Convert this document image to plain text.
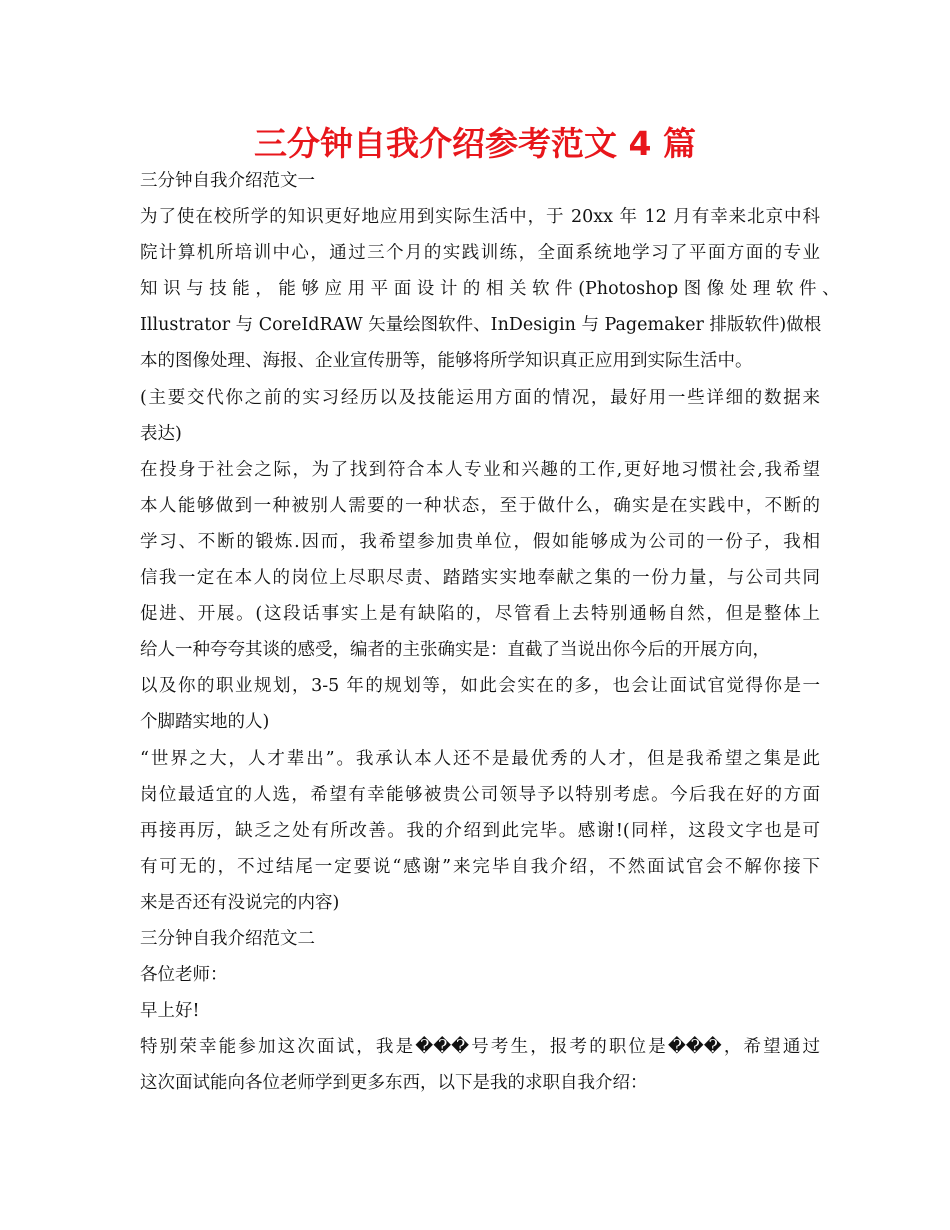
三分钟自我介绍参考范文 4 篇
三分钟自我介绍范文一
为了使在校所学的知识更好地应用到实际生活中，于 20xx 年 12 月有幸来北京中科
院计算机所培训中心，通过三个月的实践训练，全面系统地学习了平面方面的专业
知 识 与 技 能 ， 能 够 应 用 平 面 设 计 的 相 关 软 件 (Photoshop 图 像 处 理 软 件 、
Illustrator 与 CoreIdRAW 矢量绘图软件、InDesigin 与 Pagemaker 排版软件)做根
本的图像处理、海报、企业宣传册等，能够将所学知识真正应用到实际生活中。
(主要交代你之前的实习经历以及技能运用方面的情况，最好用一些详细的数据来
表达)
在投身于社会之际，为了找到符合本人专业和兴趣的工作,更好地习惯社会,我希望
本人能够做到一种被别人需要的一种状态，至于做什么，确实是在实践中，不断的
学习、不断的锻炼.因而，我希望参加贵单位，假如能够成为公司的一份子，我相
信我一定在本人的岗位上尽职尽责、踏踏实实地奉献之集的一份力量，与公司共同
促进、开展。(这段话事实上是有缺陷的，尽管看上去特别通畅自然，但是整体上
给人一种夸夸其谈的感受，编者的主张确实是：直截了当说出你今后的开展方向，
以及你的职业规划，3-5 年的规划等，如此会实在的多，也会让面试官觉得你是一
个脚踏实地的人)
“世界之大，人才辈出”。我承认本人还不是最优秀的人才，但是我希望之集是此
岗位最适宜的人选，希望有幸能够被贵公司领导予以特别考虑。今后我在好的方面
再接再厉，缺乏之处有所改善。我的介绍到此完毕。感谢!(同样，这段文字也是可
有可无的，不过结尾一定要说“感谢”来完毕自我介绍，不然面试官会不解你接下
来是否还有没说完的内容)
三分钟自我介绍范文二
各位老师：
早上好!
特别荣幸能参加这次面试，我是���号考生，报考的职位是���，希望通过
这次面试能向各位老师学到更多东西，以下是我的求职自我介绍：
